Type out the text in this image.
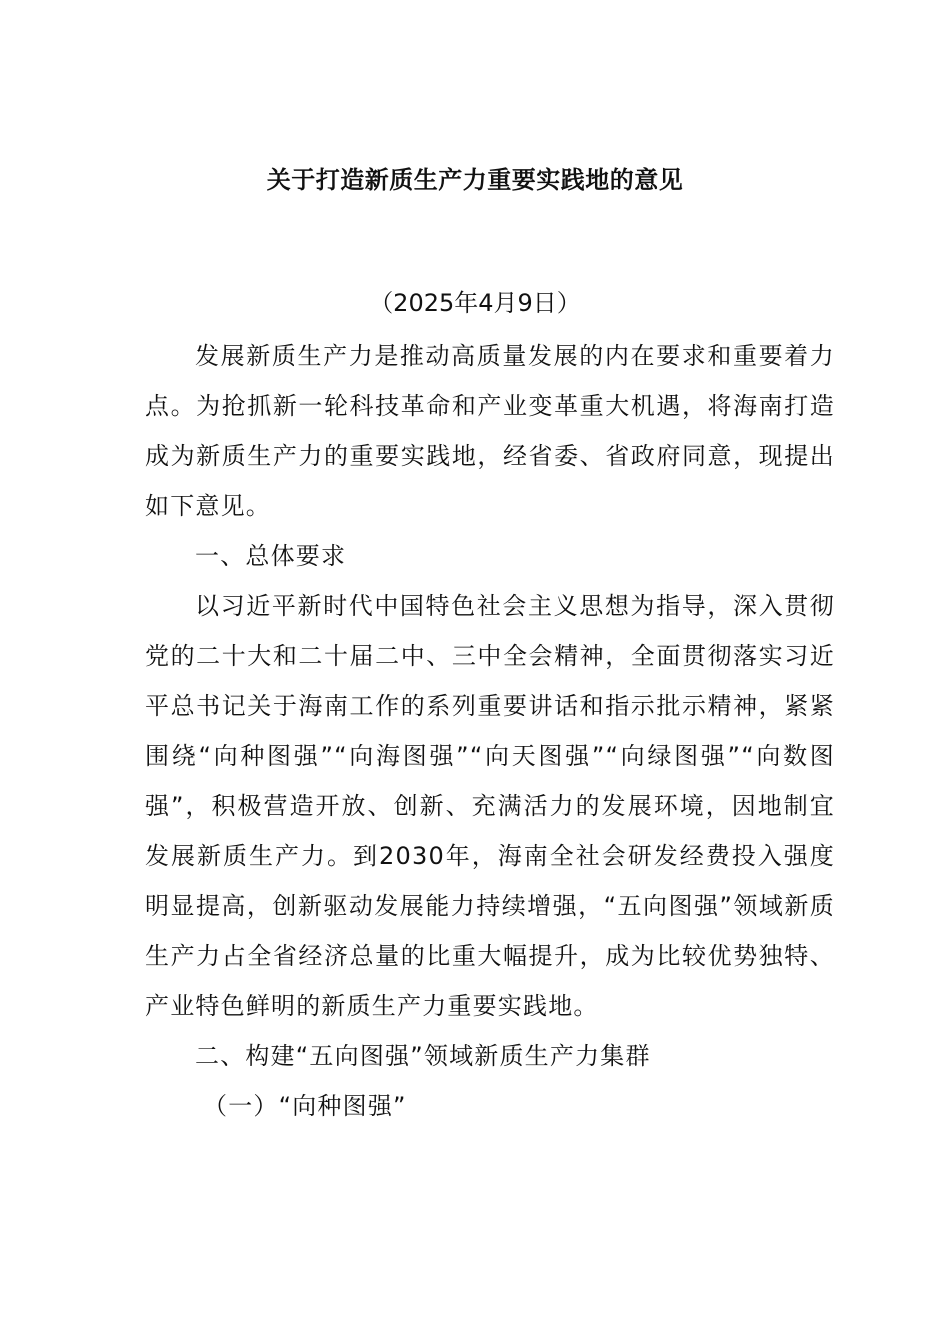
关于打造新质生产力重要实践地的意见
（2025年4月9日）

发展新质生产力是推动高质量发展的内在要求和重要着力点。为抢抓新一轮科技革命和产业变革重大机遇，将海南打造成为新质生产力的重要实践地，经省委、省政府同意，现提出如下意见。

一、总体要求

以习近平新时代中国特色社会主义思想为指导，深入贯彻党的二十大和二十届二中、三中全会精神，全面贯彻落实习近平总书记关于海南工作的系列重要讲话和指示批示精神，紧紧围绕“向种图强”“向海图强”“向天图强”“向绿图强”“向数图强”，积极营造开放、创新、充满活力的发展环境，因地制宜发展新质生产力。到2030年，海南全社会研发经费投入强度明显提高，创新驱动发展能力持续增强，“五向图强”领域新质生产力占全省经济总量的比重大幅提升，成为比较优势独特、产业特色鲜明的新质生产力重要实践地。

二、构建“五向图强”领域新质生产力集群

（一）“向种图强”
